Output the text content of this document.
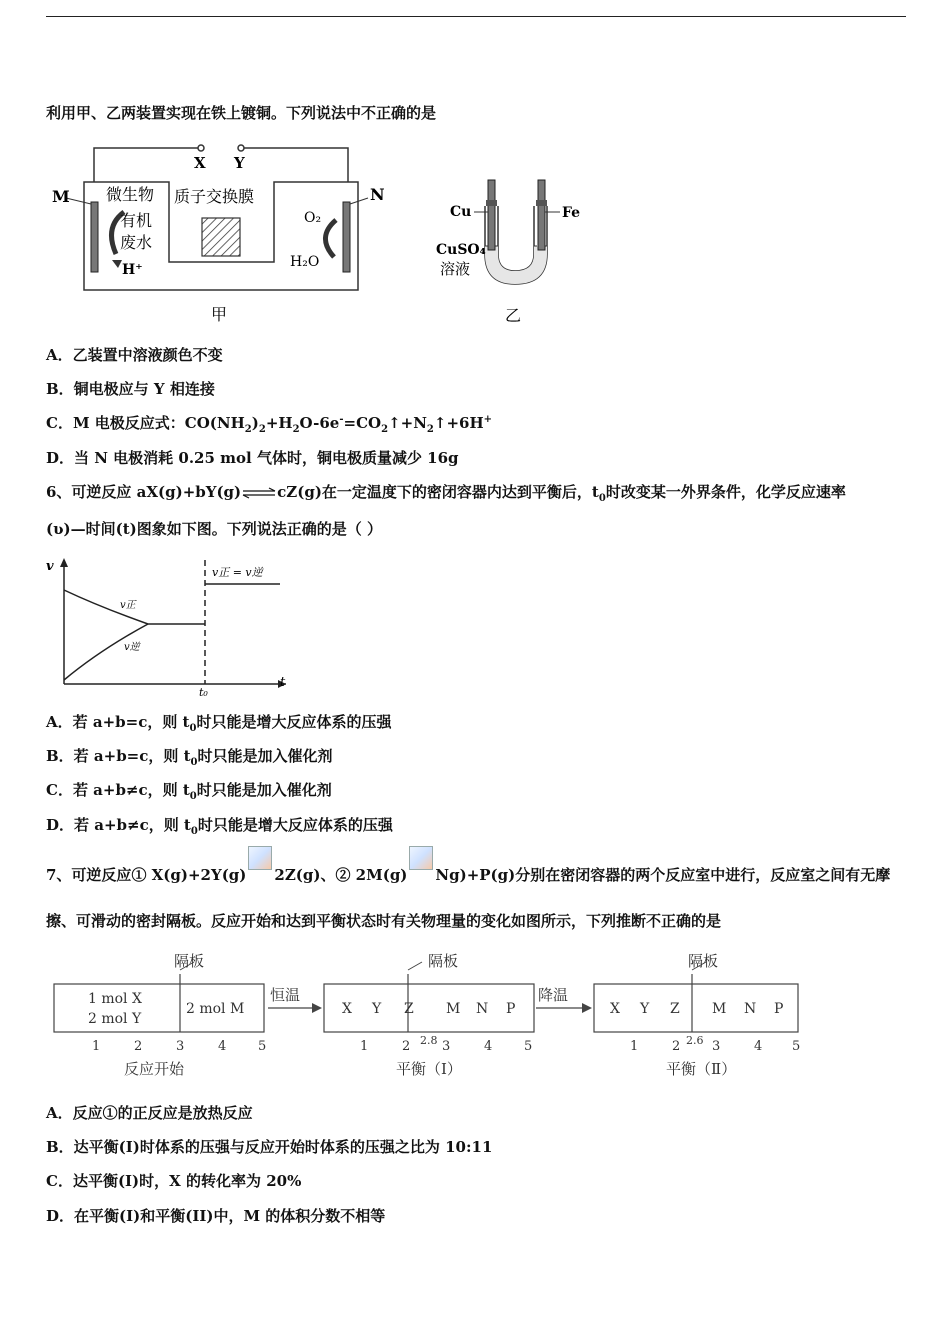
利用甲、乙两装置实现在铁上镀铜。下列说法中不正确的是
M	N
X Y
微生物
有机
废水
H⁺
质子交换膜
O₂
H₂O
甲
Cu	Fe
CuSO₄
溶液
乙
A．乙装置中溶液颜色不变
B．铜电极应与 Y 相连接
C．M 电极反应式：$CO(NH_2)_2+H_2O-6e^-=CO_2↑+N_2↑+6H^+$
D．当 N 电极消耗 0.25 mol 气体时，铜电极质量减少 16g
6、可逆反应 aX(g)+bY(g)⇌cZ(g)在一定温度下的密闭容器内达到平衡后，$t_0$时改变某一外界条件，化学反应速率
(ʋ)—时间(t)图象如下图。下列说法正确的是（ ）
v
t
t₀
v正
v逆
v正 = v逆
A．若 a+b=c，则 $t_0$时只能是增大反应体系的压强
B．若 a+b=c，则 $t_0$时只能是加入催化剂
C．若 a+b≠c，则 $t_0$时只能是加入催化剂
D．若 a+b≠c，则 $t_0$时只能是增大反应体系的压强
7、可逆反应① X(g)+2Y(g) 2Z(g)、② 2M(g) Ng)+P(g)分别在密闭容器的两个反应室中进行，反应室之间有无摩
擦、可滑动的密封隔板。反应开始和达到平衡状态时有关物理量的变化如图所示，下列推断不正确的是
隔板
1 mol X
2 mol Y
2 mol M
1	2	3	4 5
反应开始
恒温
隔板
X Y Z M N P
2.8
1	2 3	4 5
平衡（Ⅰ）
降温
隔板
X Y Z M N P
2.6
1	2 3	4 5
平衡（Ⅱ）
A．反应①的正反应是放热反应
B．达平衡(I)时体系的压强与反应开始时体系的压强之比为 10:11
C．达平衡(I)时，X 的转化率为 20%
D．在平衡(I)和平衡(II)中，M 的体积分数不相等
